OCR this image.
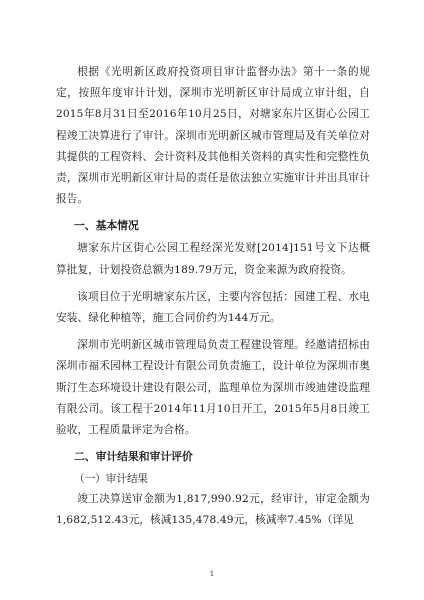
根据《光明新区政府投资项目审计监督办法》第十一条的规定，按照年度审计计划，深圳市光明新区审计局成立审计组，自2015年8月31日至2016年10月25日，对塘家东片区街心公园工程竣工决算进行了审计。深圳市光明新区城市管理局及有关单位对其提供的工程资料、会计资料及其他相关资料的真实性和完整性负责，深圳市光明新区审计局的责任是依法独立实施审计并出具审计报告。

一、基本情况

塘家东片区街心公园工程经深光发财[2014]151号文下达概算批复，计划投资总额为189.79万元，资金来源为政府投资。

该项目位于光明塘家东片区，主要内容包括：园建工程、水电安装、绿化种植等，施工合同价约为144万元。

深圳市光明新区城市管理局负责工程建设管理。经邀请招标由深圳市福禾园林工程设计有限公司负责施工，设计单位为深圳市奥斯汀生态环境设计建设有限公司，监理单位为深圳市竣迪建设监理有限公司。该工程于2014年11月10日开工，2015年5月8日竣工验收，工程质量评定为合格。

二、审计结果和审计评价
（一）审计结果

竣工决算送审金额为1,817,990.92元，经审计，审定金额为1,682,512.43元，核减135,478.49元，核减率7.45%（详见

1
